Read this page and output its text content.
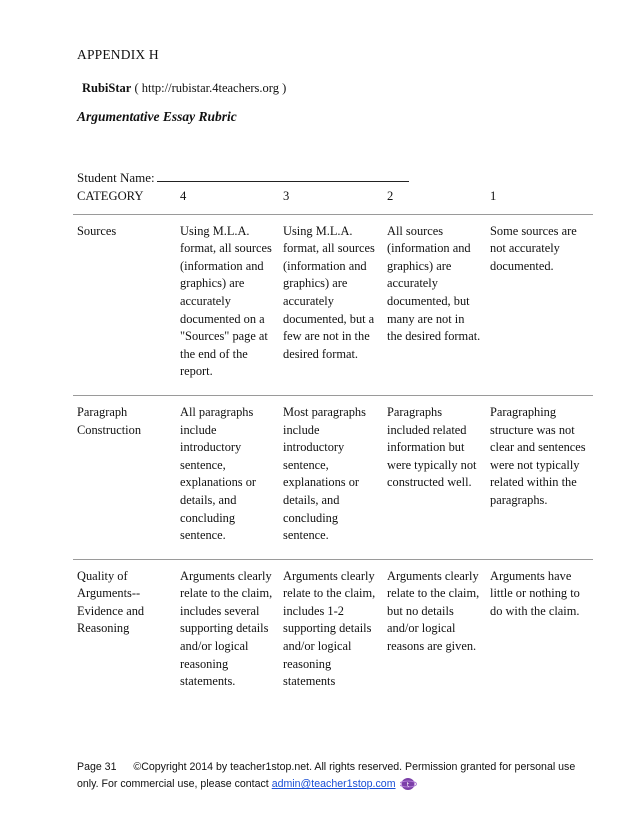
APPENDIX H
RubiStar ( http://rubistar.4teachers.org )
Argumentative Essay Rubric
Student Name:
CATEGORY	4	3	2	1
Sources	Using M.L.A. format, all sources (information and graphics) are accurately documented on a "Sources" page at the end of the report.	Using M.L.A. format, all sources (information and graphics) are accurately documented, but a few are not in the desired format.	All sources (information and graphics) are accurately documented, but many are not in the desired format.	Some sources are not accurately documented.
Paragraph Construction	All paragraphs include introductory sentence, explanations or details, and concluding sentence.	Most paragraphs include introductory sentence, explanations or details, and concluding sentence.	Paragraphs included related information but were typically not constructed well.	Paragraphing structure was not clear and sentences were not typically related within the paragraphs.
Quality of Arguments--Evidence and Reasoning	Arguments clearly relate to the claim, includes several supporting details and/or logical reasoning statements.	Arguments clearly relate to the claim, includes 1-2 supporting details and/or logical reasoning statements	Arguments clearly relate to the claim, but no details and/or logical reasons are given.	Arguments have little or nothing to do with the claim.
Page 31 ©Copyright 2014 by teacher1stop.net. All rights reserved. Permission granted for personal use only. For commercial use, please contact admin@teacher1stop.com t
